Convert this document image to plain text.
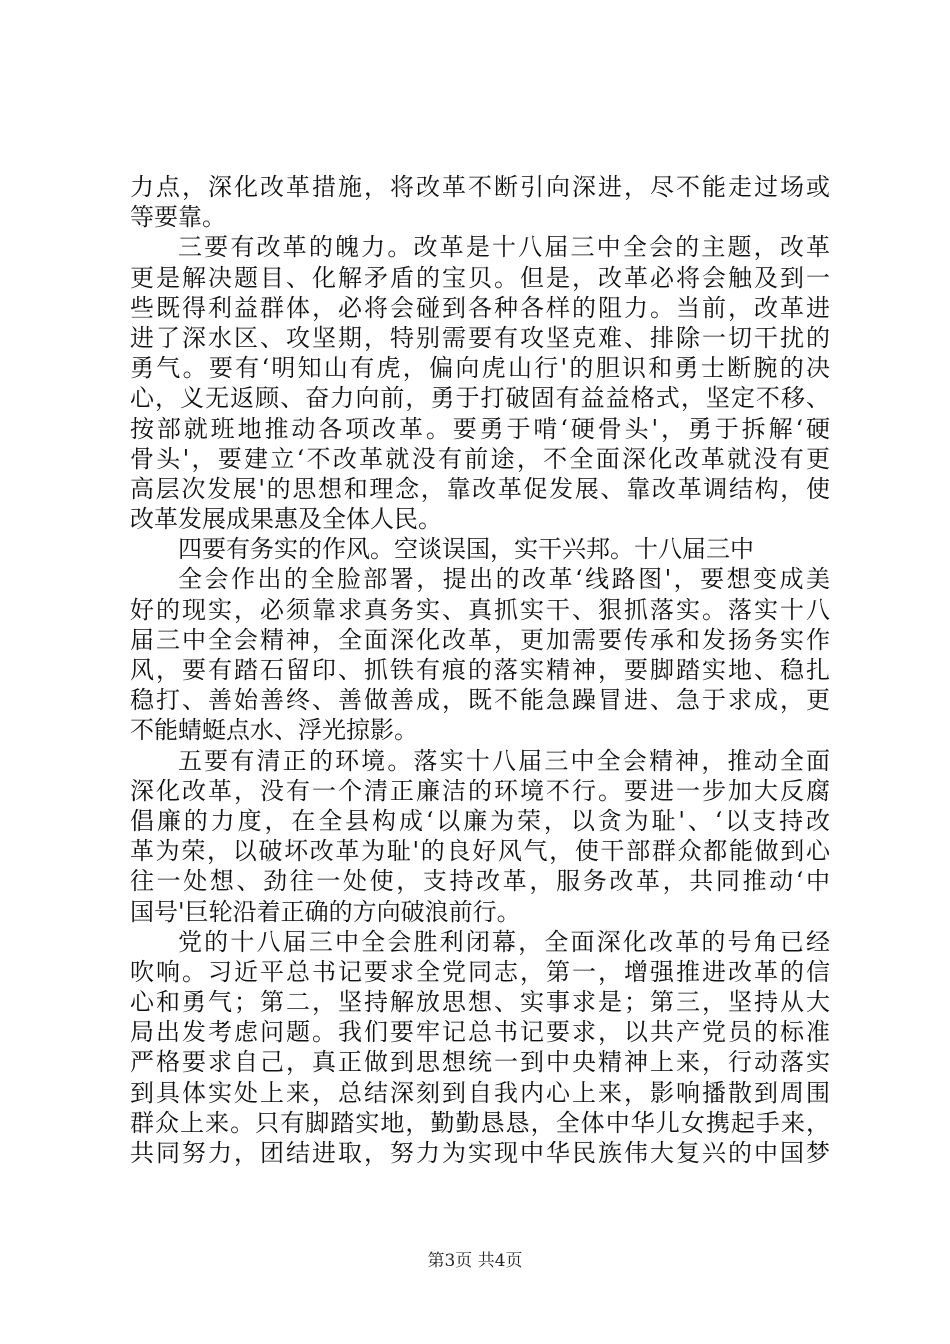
力点，深化改革措施，将改革不断引向深进，尽不能走过场或
等要靠。
三要有改革的魄力。改革是十八届三中全会的主题，改革
更是解决题目、化解矛盾的宝贝。但是，改革必将会触及到一
些既得利益群体，必将会碰到各种各样的阻力。当前，改革进
进了深水区、攻坚期，特别需要有攻坚克难、排除一切干扰的
勇气。要有‘明知山有虎，偏向虎山行'的胆识和勇士断腕的决
心，义无返顾、奋力向前，勇于打破固有益益格式，坚定不移、
按部就班地推动各项改革。要勇于啃‘硬骨头'，勇于拆解‘硬
骨头'，要建立‘不改革就没有前途，不全面深化改革就没有更
高层次发展'的思想和理念，靠改革促发展、靠改革调结构，使
改革发展成果惠及全体人民。
四要有务实的作风。空谈误国，实干兴邦。十八届三中
全会作出的全脸部署，提出的改革‘线路图'，要想变成美
好的现实，必须靠求真务实、真抓实干、狠抓落实。落实十八
届三中全会精神，全面深化改革，更加需要传承和发扬务实作
风，要有踏石留印、抓铁有痕的落实精神，要脚踏实地、稳扎
稳打、善始善终、善做善成，既不能急躁冒进、急于求成，更
不能蜻蜓点水、浮光掠影。
五要有清正的环境。落实十八届三中全会精神，推动全面
深化改革，没有一个清正廉洁的环境不行。要进一步加大反腐
倡廉的力度，在全县构成‘以廉为荣，以贪为耻'、‘以支持改
革为荣，以破坏改革为耻'的良好风气，使干部群众都能做到心
往一处想、劲往一处使，支持改革，服务改革，共同推动‘中
国号'巨轮沿着正确的方向破浪前行。
党的十八届三中全会胜利闭幕，全面深化改革的号角已经
吹响。习近平总书记要求全党同志，第一，增强推进改革的信
心和勇气；第二，坚持解放思想、实事求是；第三，坚持从大
局出发考虑问题。我们要牢记总书记要求，以共产党员的标准
严格要求自己，真正做到思想统一到中央精神上来，行动落实
到具体实处上来，总结深刻到自我内心上来，影响播散到周围
群众上来。只有脚踏实地，勤勤恳恳，全体中华儿女携起手来，
共同努力，团结进取，努力为实现中华民族伟大复兴的中国梦
第3页 共4页
